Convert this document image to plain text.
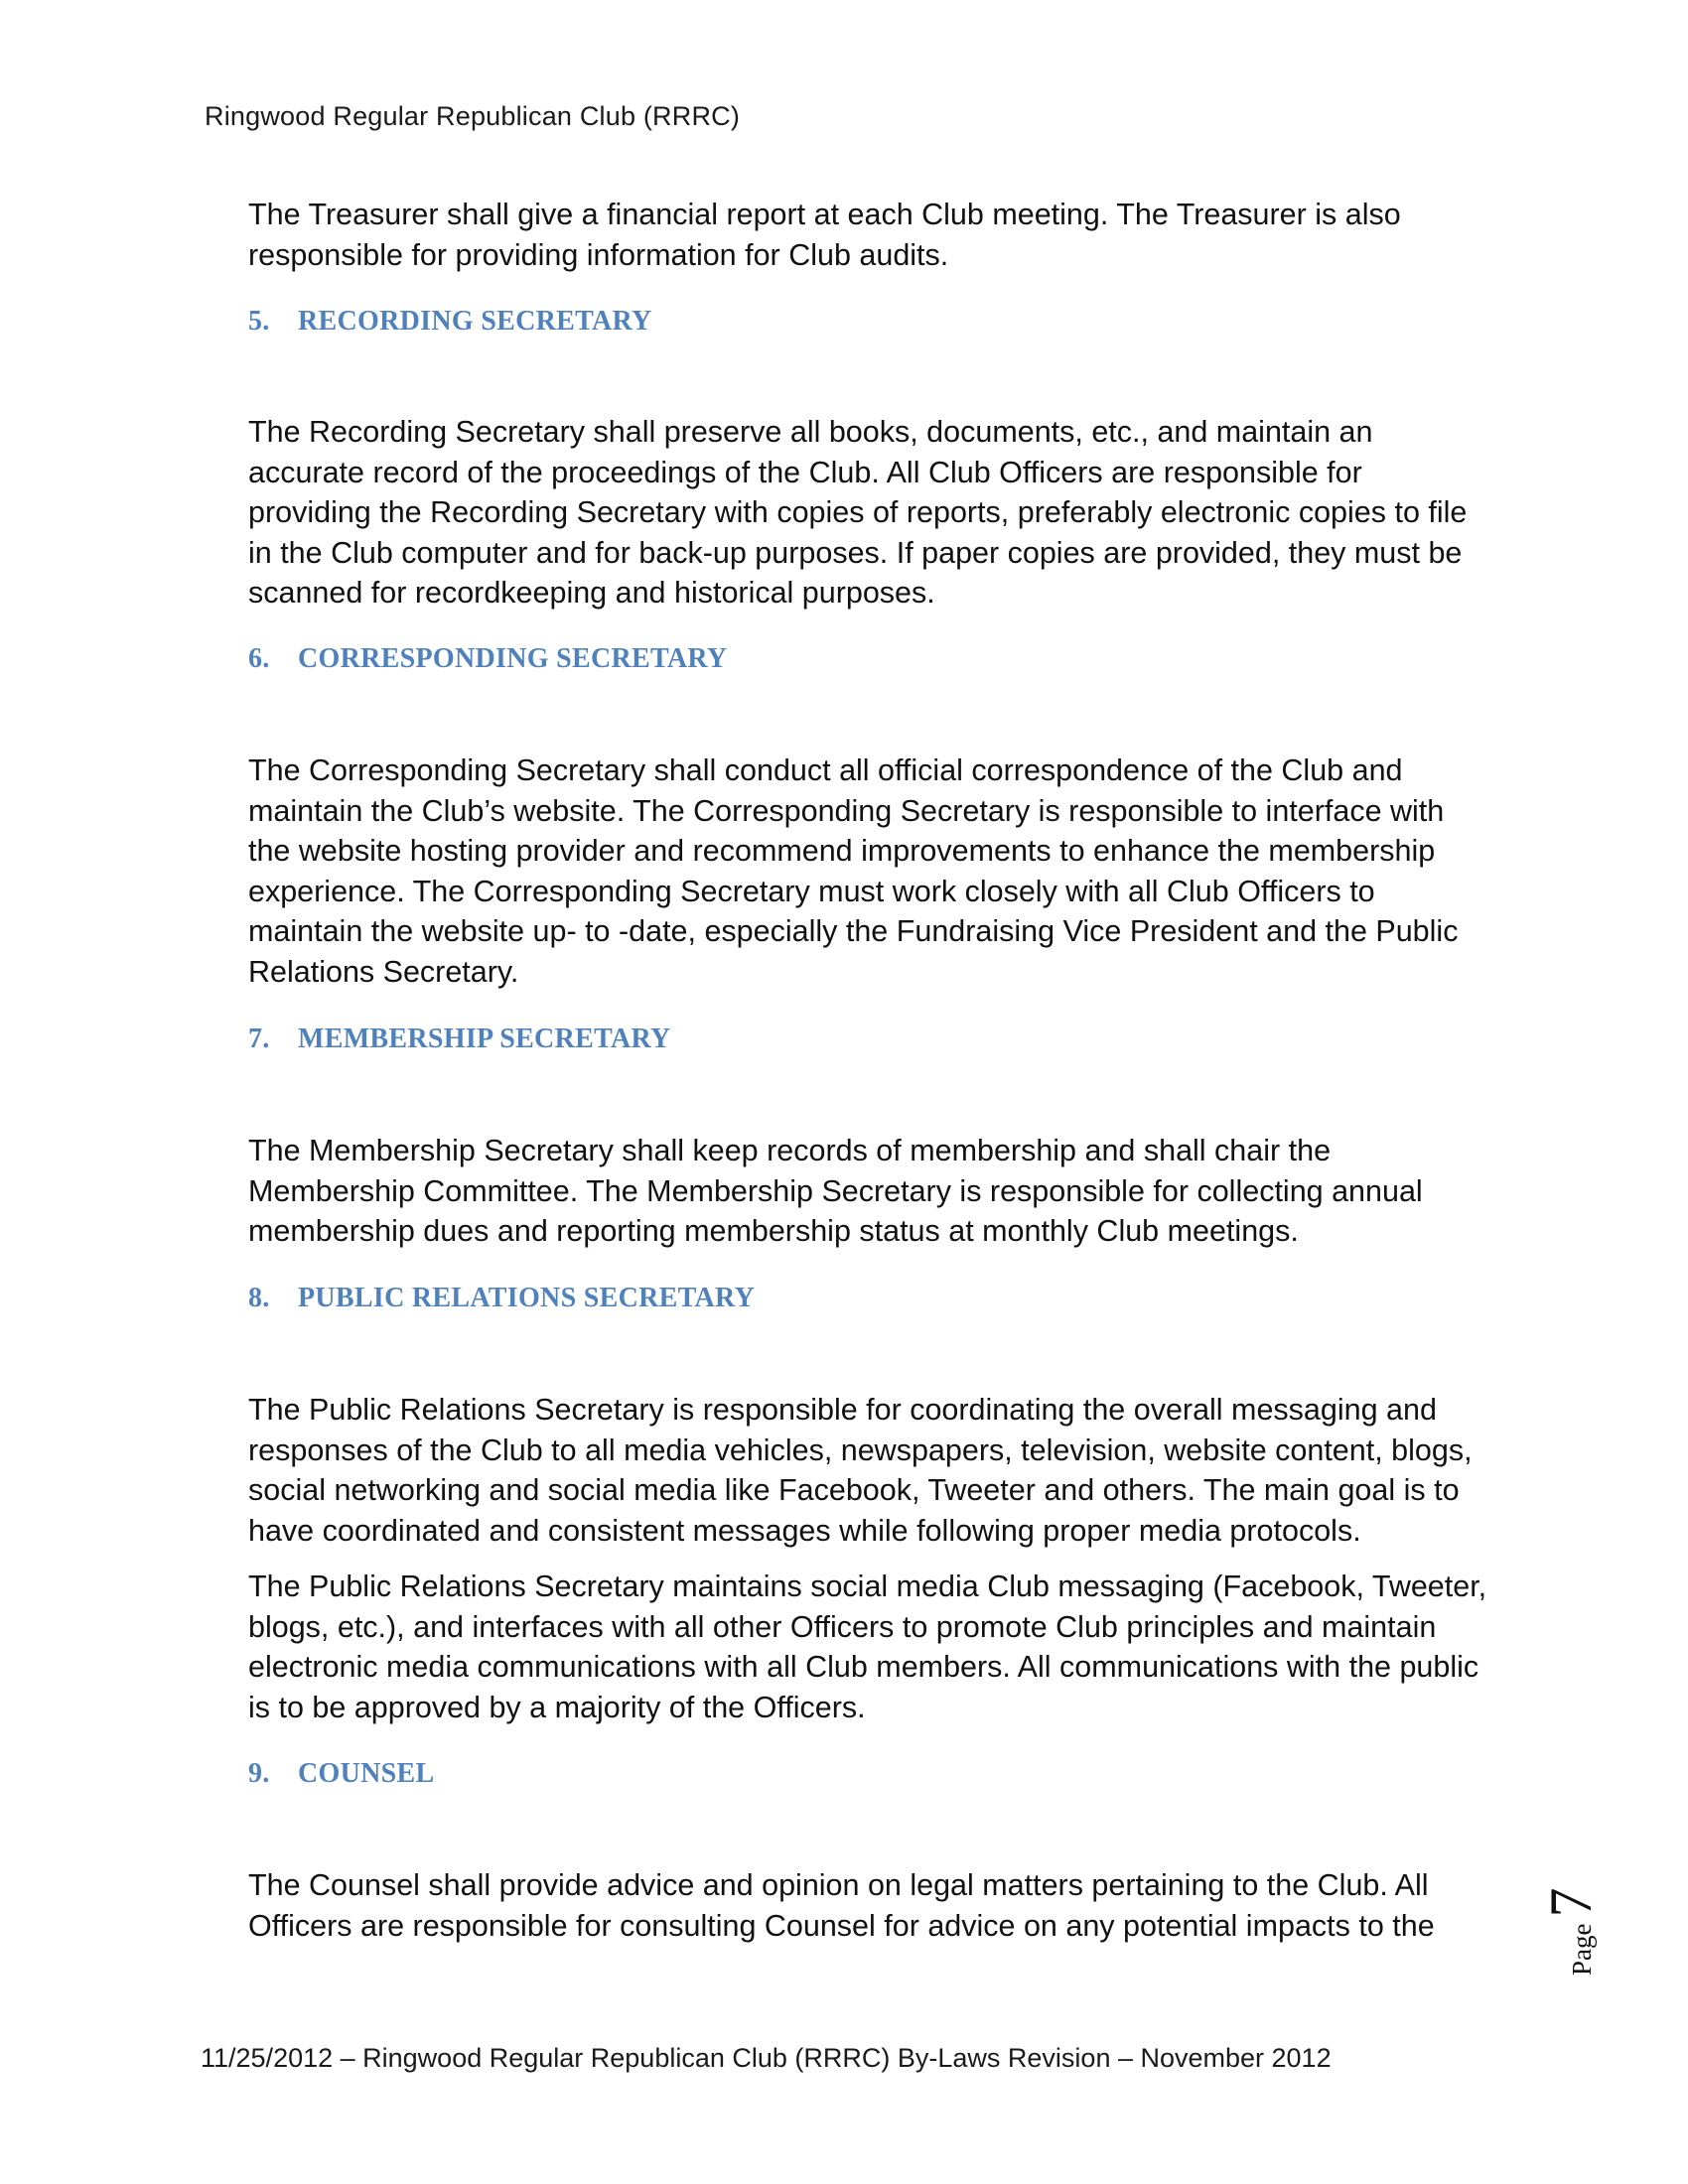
Ringwood Regular Republican Club (RRRC)

The Treasurer shall give a financial report at each Club meeting. The Treasurer is also responsible for providing information for Club audits.

5. RECORDING SECRETARY

The Recording Secretary shall preserve all books, documents, etc., and maintain an accurate record of the proceedings of the Club. All Club Officers are responsible for providing the Recording Secretary with copies of reports, preferably electronic copies to file in the Club computer and for back-up purposes. If paper copies are provided, they must be scanned for recordkeeping and historical purposes.

6. CORRESPONDING SECRETARY

The Corresponding Secretary shall conduct all official correspondence of the Club and maintain the Club’s website. The Corresponding Secretary is responsible to interface with the website hosting provider and recommend improvements to enhance the membership experience. The Corresponding Secretary must work closely with all Club Officers to maintain the website up- to -date, especially the Fundraising Vice President and the Public Relations Secretary.

7. MEMBERSHIP SECRETARY

The Membership Secretary shall keep records of membership and shall chair the Membership Committee. The Membership Secretary is responsible for collecting annual membership dues and reporting membership status at monthly Club meetings.

8. PUBLIC RELATIONS SECRETARY

The Public Relations Secretary is responsible for coordinating the overall messaging and responses of the Club to all media vehicles, newspapers, television, website content, blogs, social networking and social media like Facebook, Tweeter and others. The main goal is to have coordinated and consistent messages while following proper media protocols.

The Public Relations Secretary maintains social media Club messaging (Facebook, Tweeter, blogs, etc.), and interfaces with all other Officers to promote Club principles and maintain electronic media communications with all Club members. All communications with the public is to be approved by a majority of the Officers.

9. COUNSEL

The Counsel shall provide advice and opinion on legal matters pertaining to the Club. All Officers are responsible for consulting Counsel for advice on any potential impacts to the	Page
7
11/25/2012 – Ringwood Regular Republican Club (RRRC) By-Laws Revision – November 2012
